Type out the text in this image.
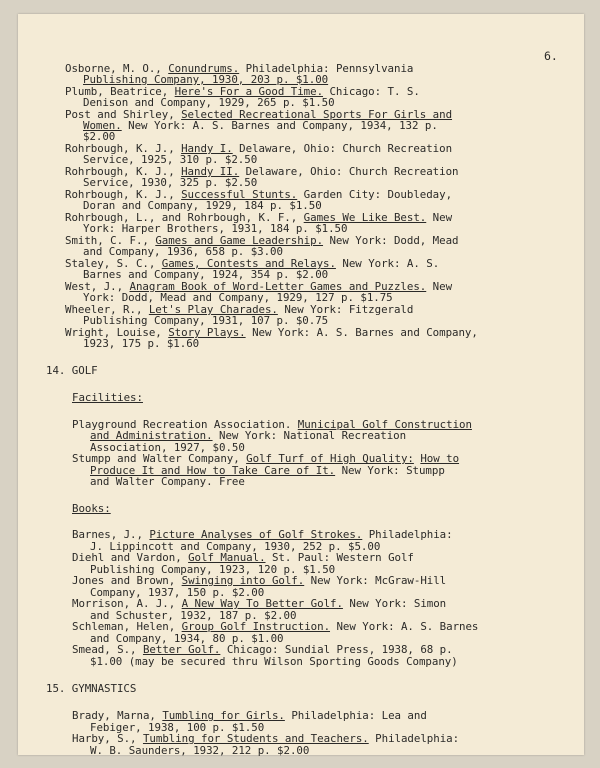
6.
Osborne, M. O., Conundrums. Philadelphia: Pennsylvania
Publishing Company, 1930, 203 p. $1.00
Plumb, Beatrice, Here's For a Good Time. Chicago: T. S.
Denison and Company, 1929, 265 p. $1.50
Post and Shirley, Selected Recreational Sports For Girls and
Women. New York: A. S. Barnes and Company, 1934, 132 p.
$2.00
Rohrbough, K. J., Handy I. Delaware, Ohio: Church Recreation
Service, 1925, 310 p. $2.50
Rohrbough, K. J., Handy II. Delaware, Ohio: Church Recreation
Service, 1930, 325 p. $2.50
Rohrbough, K. J., Successful Stunts. Garden City: Doubleday,
Doran and Company, 1929, 184 p. $1.50
Rohrbough, L., and Rohrbough, K. F., Games We Like Best. New
York: Harper Brothers, 1931, 184 p. $1.50
Smith, C. F., Games and Game Leadership. New York: Dodd, Mead
and Company, 1936, 658 p. $3.00
Staley, S. C., Games, Contests and Relays. New York: A. S.
Barnes and Company, 1924, 354 p. $2.00
West, J., Anagram Book of Word-Letter Games and Puzzles. New
York: Dodd, Mead and Company, 1929, 127 p. $1.75
Wheeler, R., Let's Play Charades. New York: Fitzgerald
Publishing Company, 1931, 107 p. $0.75
Wright, Louise, Story Plays. New York: A. S. Barnes and Company,
1923, 175 p. $1.60
14. GOLF
Facilities:
Playground Recreation Association. Municipal Golf Construction
and Administration. New York: National Recreation
Association, 1927, $0.50
Stumpp and Walter Company, Golf Turf of High Quality: How to
Produce It and How to Take Care of It. New York: Stumpp
and Walter Company. Free
Books:
Barnes, J., Picture Analyses of Golf Strokes. Philadelphia:
J. Lippincott and Company, 1930, 252 p. $5.00
Diehl and Vardon, Golf Manual. St. Paul: Western Golf
Publishing Company, 1923, 120 p. $1.50
Jones and Brown, Swinging into Golf. New York: McGraw-Hill
Company, 1937, 150 p. $2.00
Morrison, A. J., A New Way To Better Golf. New York: Simon
and Schuster, 1932, 187 p. $2.00
Schleman, Helen, Group Golf Instruction. New York: A. S. Barnes
and Company, 1934, 80 p. $1.00
Smead, S., Better Golf. Chicago: Sundial Press, 1938, 68 p.
$1.00 (may be secured thru Wilson Sporting Goods Company)
15. GYMNASTICS
Brady, Marna, Tumbling for Girls. Philadelphia: Lea and
Febiger, 1938, 100 p. $1.50
Harby, S., Tumbling for Students and Teachers. Philadelphia:
W. B. Saunders, 1932, 212 p. $2.00
